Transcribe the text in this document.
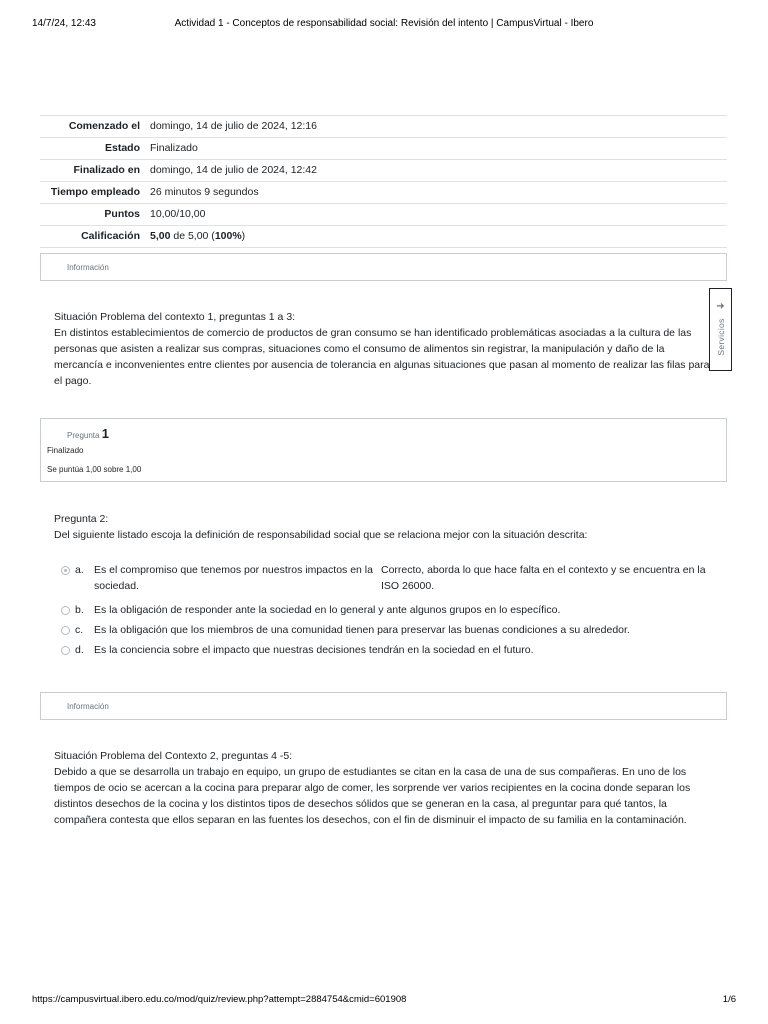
14/7/24, 12:43	Actividad 1 - Conceptos de responsabilidad social: Revisión del intento | CampusVirtual - Ibero
Comenzado el	domingo, 14 de julio de 2024, 12:16
Estado	Finalizado
Finalizado en	domingo, 14 de julio de 2024, 12:42
Tiempo empleado	26 minutos 9 segundos
Puntos	10,00/10,00
Calificación	5,00 de 5,00 (100%)
Información

Situación Problema del contexto 1, preguntas 1 a 3:

En distintos establecimientos de comercio de productos de gran consumo se han identificado problemáticas asociadas a la cultura de las personas que asisten a realizar sus compras, situaciones como el consumo de alimentos sin registrar, la manipulación y daño de la mercancía e inconvenientes entre clientes por ausencia de tolerancia en algunas situaciones que pasan al momento de realizar las filas para el pago.

➜
Servicios
Pregunta 1
Finalizado
Se puntúa 1,00 sobre 1,00

Pregunta 2:

Del siguiente listado escoja la definición de responsabilidad social que se relaciona mejor con la situación descrita:

a. Es el compromiso que tenemos por nuestros impactos en la sociedad.
Correcto, aborda lo que hace falta en el contexto y se encuentra en la ISO 26000.
b. Es la obligación de responder ante la sociedad en lo general y ante algunos grupos en lo específico.
c. Es la obligación que los miembros de una comunidad tienen para preservar las buenas condiciones a su alrededor.
d. Es la conciencia sobre el impacto que nuestras decisiones tendrán en la sociedad en el futuro.
Información

Situación Problema del Contexto 2, preguntas 4 -5:

Debido a que se desarrolla un trabajo en equipo, un grupo de estudiantes se citan en la casa de una de sus compañeras. En uno de los tiempos de ocio se acercan a la cocina para preparar algo de comer, les sorprende ver varios recipientes en la cocina donde separan los distintos desechos de la cocina y los distintos tipos de desechos sólidos que se generan en la casa, al preguntar para qué tantos, la compañera contesta que ellos separan en las fuentes los desechos, con el fin de disminuir el impacto de su familia en la contaminación.

https://campusvirtual.ibero.edu.co/mod/quiz/review.php?attempt=2884754&cmid=601908	1/6
